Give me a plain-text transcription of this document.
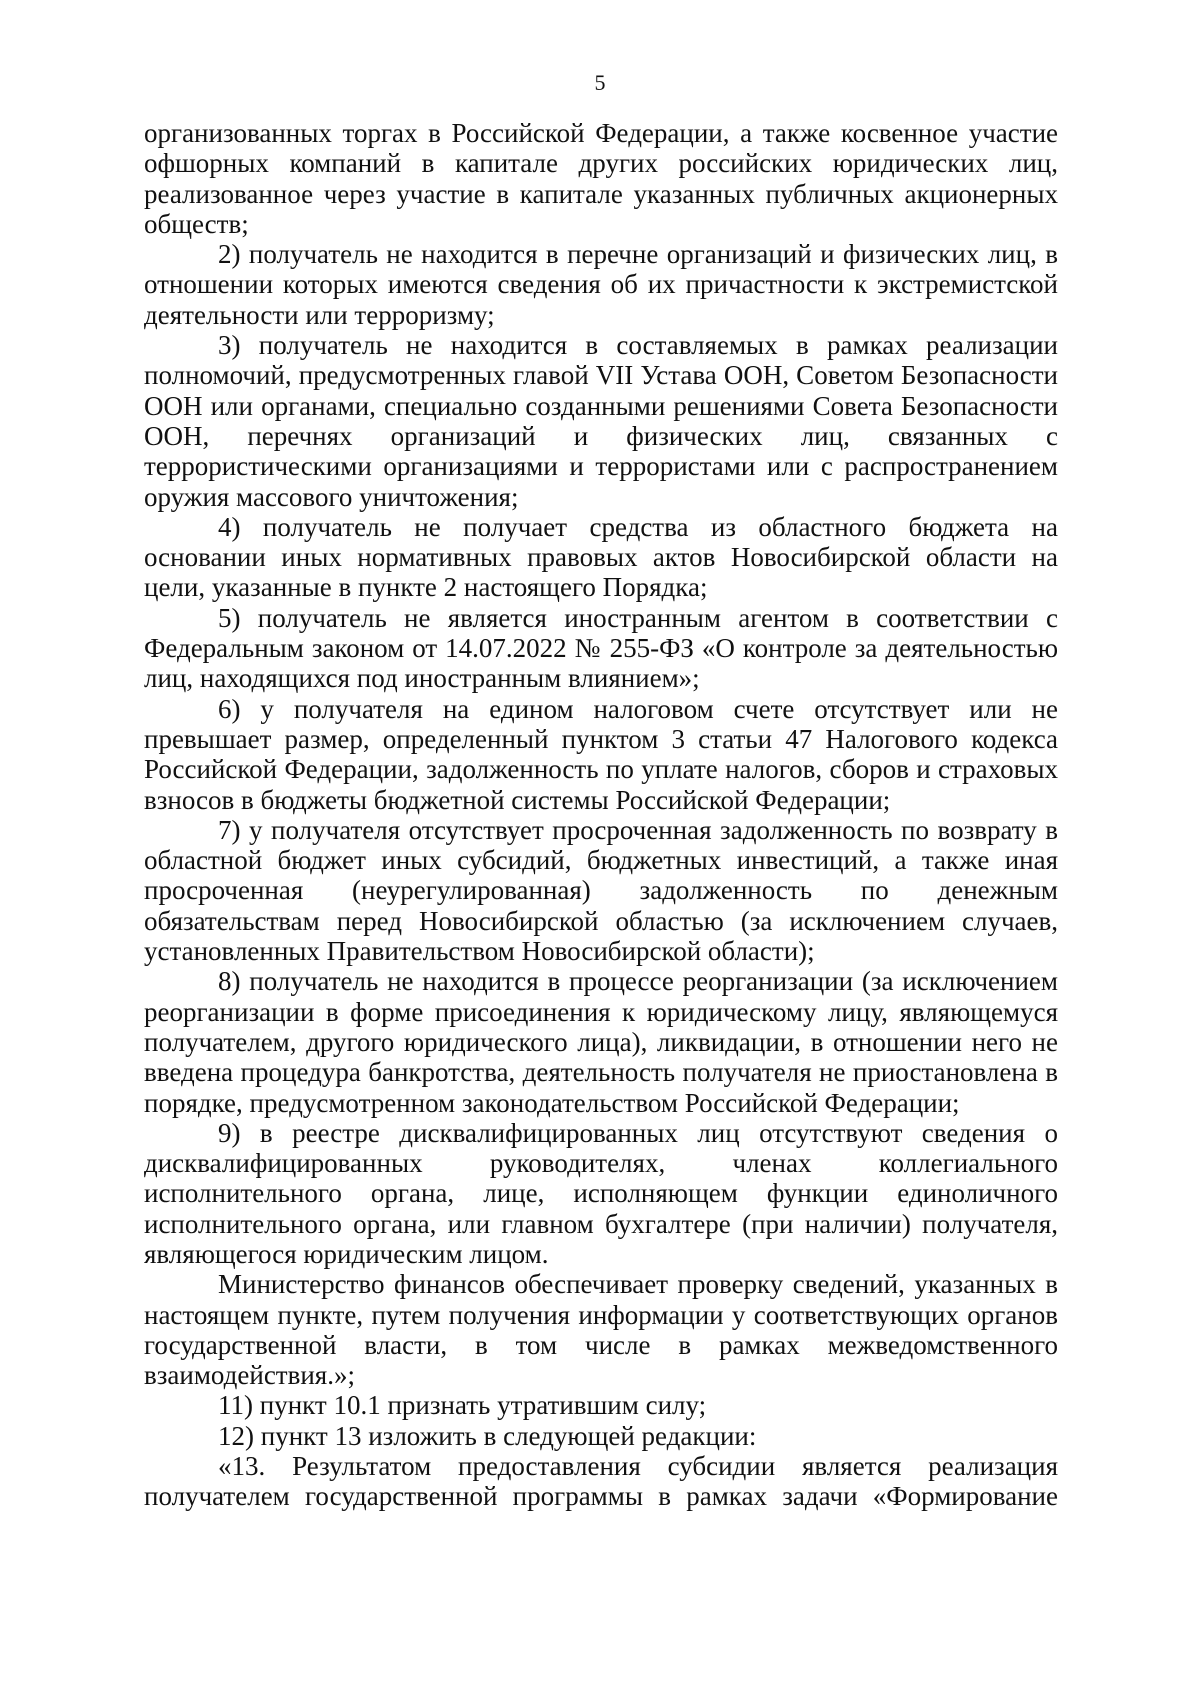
5

организованных торгах в Российской Федерации, а также косвенное участие офшорных компаний в капитале других российских юридических лиц, реализованное через участие в капитале указанных публичных акционерных обществ;

2) получатель не находится в перечне организаций и физических лиц, в отношении которых имеются сведения об их причастности к экстремистской деятельности или терроризму;

3) получатель не находится в составляемых в рамках реализации полномочий, предусмотренных главой VII Устава ООН, Советом Безопасности ООН или органами, специально созданными решениями Совета Безопасности ООН, перечнях организаций и физических лиц, связанных с террористическими организациями и террористами или с распространением оружия массового уничтожения;

4) получатель не получает средства из областного бюджета на основании иных нормативных правовых актов Новосибирской области на цели, указанные в пункте 2 настоящего Порядка;

5) получатель не является иностранным агентом в соответствии с Федеральным законом от 14.07.2022 № 255-ФЗ «О контроле за деятельностью лиц, находящихся под иностранным влиянием»;

6) у получателя на едином налоговом счете отсутствует или не превышает размер, определенный пунктом 3 статьи 47 Налогового кодекса Российской Федерации, задолженность по уплате налогов, сборов и страховых взносов в бюджеты бюджетной системы Российской Федерации;

7) у получателя отсутствует просроченная задолженность по возврату в областной бюджет иных субсидий, бюджетных инвестиций, а также иная просроченная (неурегулированная) задолженность по денежным обязательствам перед Новосибирской областью (за исключением случаев, установленных Правительством Новосибирской области);

8) получатель не находится в процессе реорганизации (за исключением реорганизации в форме присоединения к юридическому лицу, являющемуся получателем, другого юридического лица), ликвидации, в отношении него не введена процедура банкротства, деятельность получателя не приостановлена в порядке, предусмотренном законодательством Российской Федерации;

9) в реестре дисквалифицированных лиц отсутствуют сведения о дисквалифицированных руководителях, членах коллегиального исполнительного органа, лице, исполняющем функции единоличного исполнительного органа, или главном бухгалтере (при наличии) получателя, являющегося юридическим лицом.

Министерство финансов обеспечивает проверку сведений, указанных в настоящем пункте, путем получения информации у соответствующих органов государственной власти, в том числе в рамках межведомственного взаимодействия.»;

11) пункт 10.1 признать утратившим силу;

12) пункт 13 изложить в следующей редакции:

«13. Результатом предоставления субсидии является реализация получателем государственной программы в рамках задачи «Формирование
